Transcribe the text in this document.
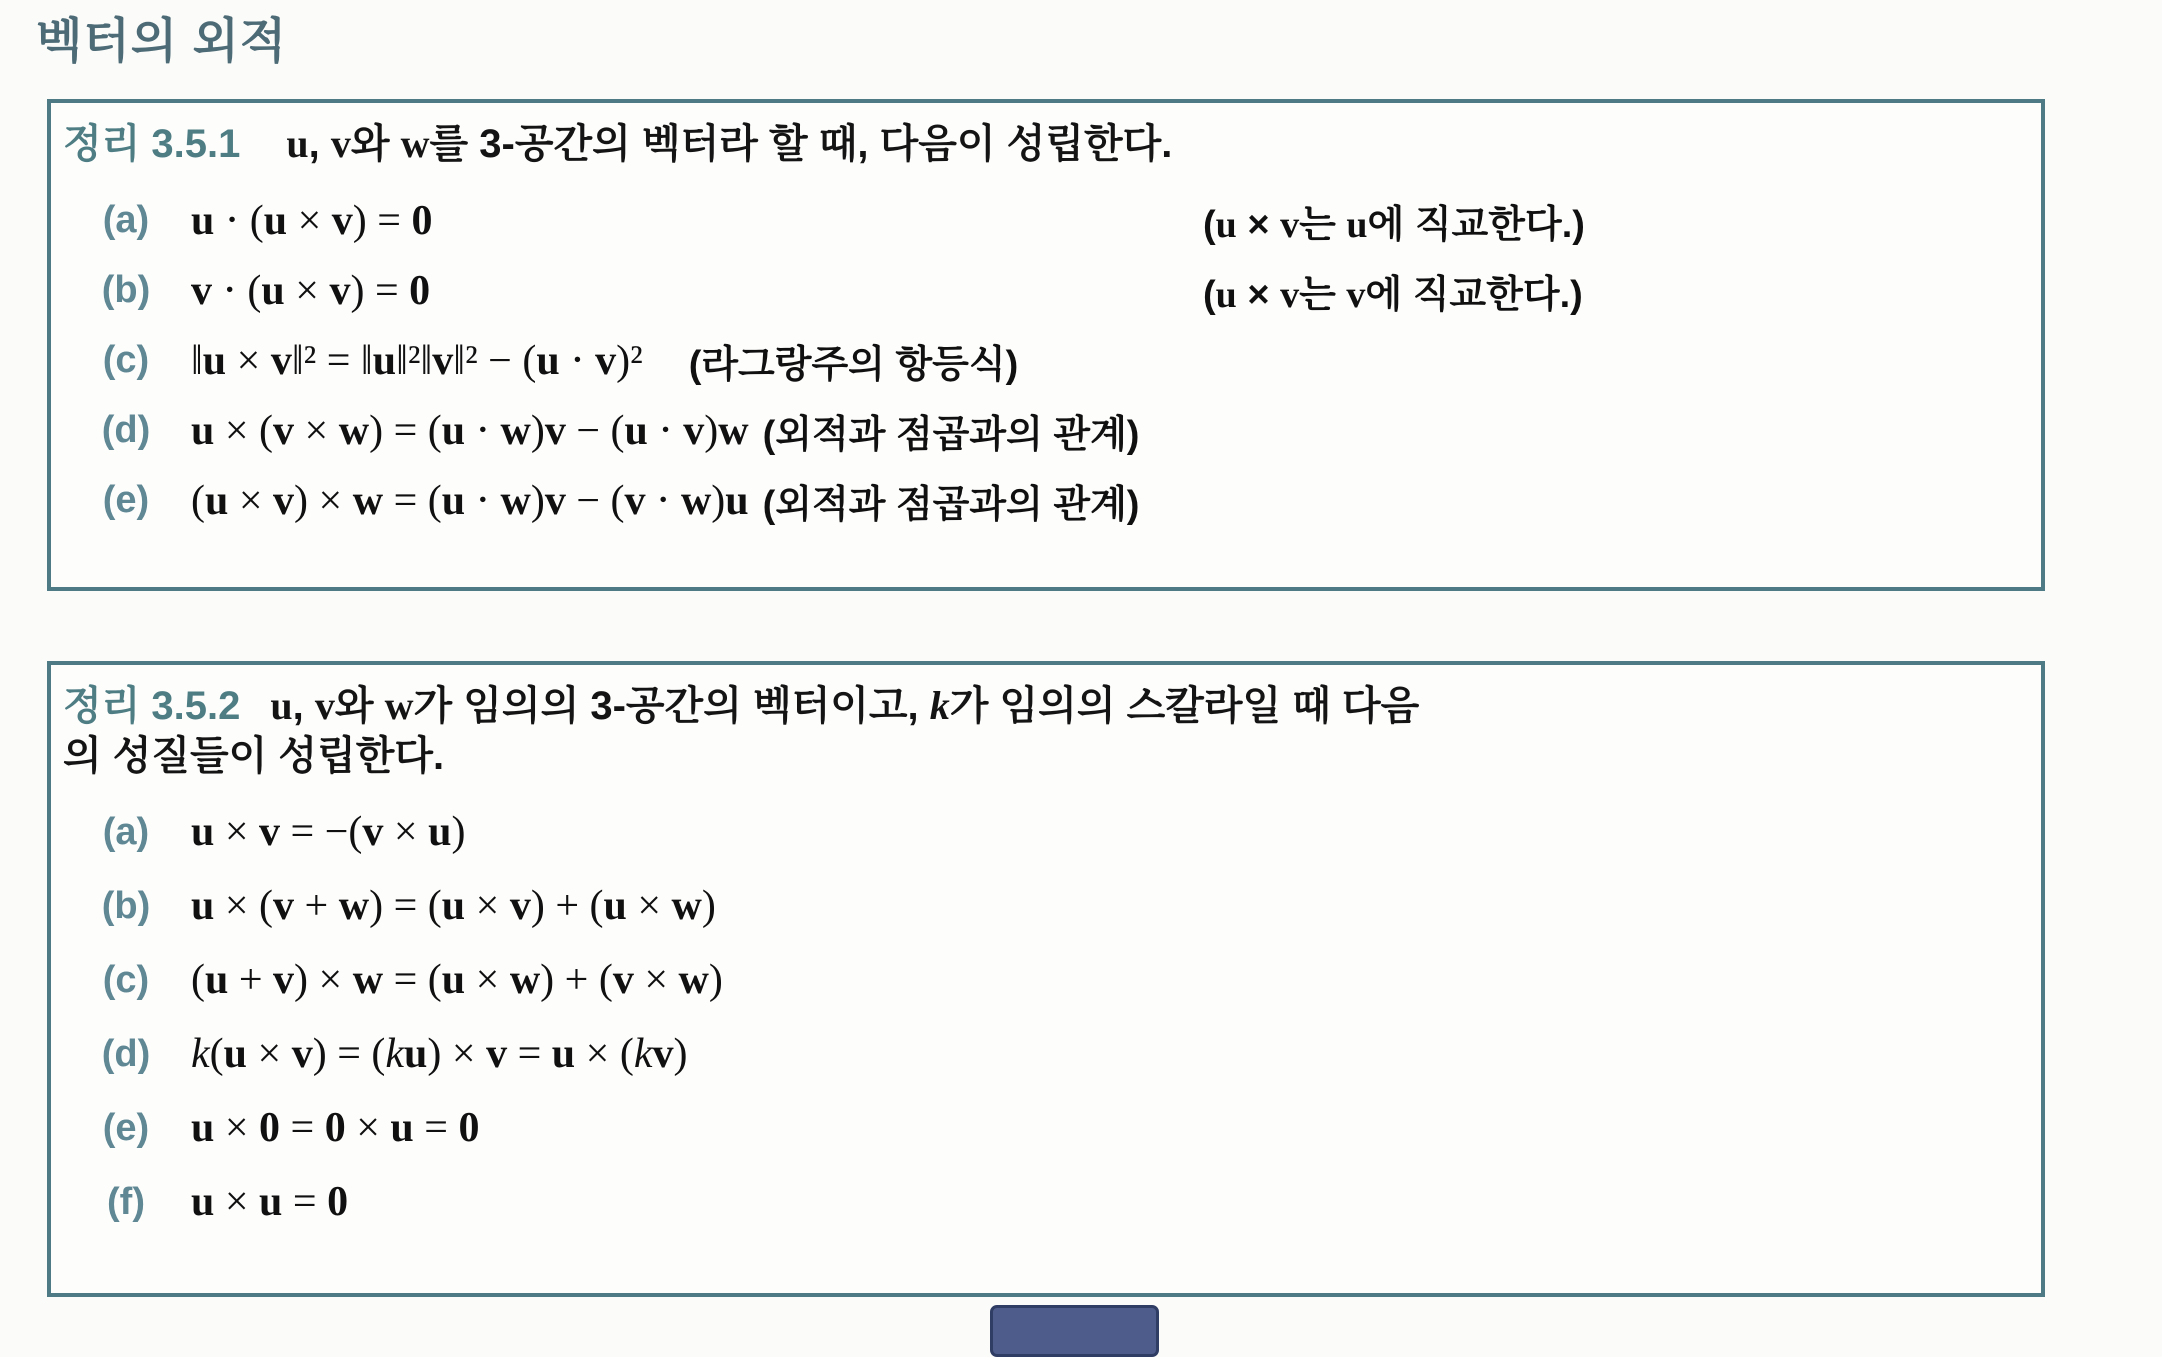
벡터의 외적
정리 3.5.1 u, v와 w를 3-공간의 벡터라 할 때, 다음이 성립한다.
(a) u ⋅ (u × v) = 0	(u × v는 u에 직교한다.)
(b) v ⋅ (u × v) = 0	(u × v는 v에 직교한다.)
(c) ‖u × v‖² = ‖u‖²‖v‖² − (u ⋅ v)² (라그랑주의 항등식)
(d) u × (v × w) = (u ⋅ w)v − (u ⋅ v)w (외적과 점곱과의 관계)
(e) (u × v) × w = (u ⋅ w)v − (v ⋅ w)u (외적과 점곱과의 관계)
정리 3.5.2 u, v와 w가 임의의 3-공간의 벡터이고, k가 임의의 스칼라일 때 다음
의 성질들이 성립한다.
(a) u × v = −(v × u)
(b) u × (v + w) = (u × v) + (u × w)
(c) (u + v) × w = (u × w) + (v × w)
(d) k(u × v) = (ku) × v = u × (kv)
(e) u × 0 = 0 × u = 0
(f)	u × u = 0
